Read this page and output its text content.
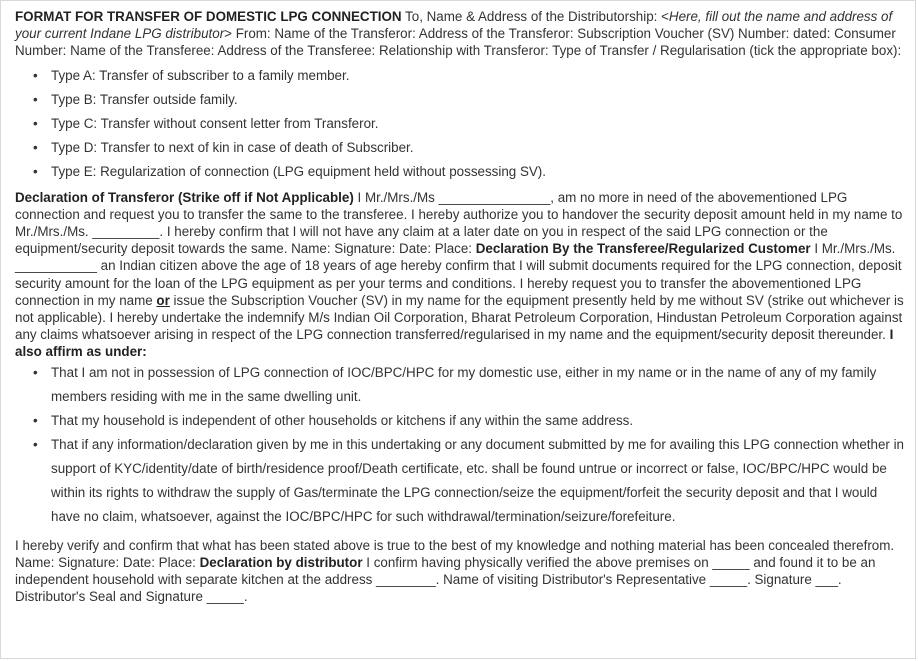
FORMAT FOR TRANSFER OF DOMESTIC LPG CONNECTION To, Name & Address of the Distributorship: <Here, fill out the name and address of your current Indane LPG distributor> From: Name of the Transferor: Address of the Transferor: Subscription Voucher (SV) Number: dated: Consumer Number: Name of the Transferee: Address of the Transferee: Relationship with Transferor: Type of Transfer / Regularisation (tick the appropriate box):

• Type A: Transfer of subscriber to a family member.
• Type B: Transfer outside family.
• Type C: Transfer without consent letter from Transferor.
• Type D: Transfer to next of kin in case of death of Subscriber.
• Type E: Regularization of connection (LPG equipment held without possessing SV).

Declaration of Transferor (Strike off if Not Applicable) I Mr./Mrs./Ms _______________, am no more in need of the abovementioned LPG connection and request you to transfer the same to the transferee. I hereby authorize you to handover the security deposit amount held in my name to Mr./Mrs./Ms. _________. I hereby confirm that I will not have any claim at a later date on you in respect of the said LPG connection or the equipment/security deposit towards the same. Name: Signature: Date: Place: Declaration By the Transferee/Regularized Customer I Mr./Mrs./Ms. ___________ an Indian citizen above the age of 18 years of age hereby confirm that I will submit documents required for the LPG connection, deposit security amount for the loan of the LPG equipment as per your terms and conditions. I hereby request you to transfer the abovementioned LPG connection in my name or issue the Subscription Voucher (SV) in my name for the equipment presently held by me without SV (strike out whichever is not applicable). I hereby undertake the indemnify M/s Indian Oil Corporation, Bharat Petroleum Corporation, Hindustan Petroleum Corporation against any claims whatsoever arising in respect of the LPG connection transferred/regularised in my name and the equipment/security deposit thereunder. I also affirm as under:

• That I am not in possession of LPG connection of IOC/BPC/HPC for my domestic use, either in my name or in the name of any of my family members residing with me in the same dwelling unit.
• That my household is independent of other households or kitchens if any within the same address.
• That if any information/declaration given by me in this undertaking or any document submitted by me for availing this LPG connection whether in support of KYC/identity/date of birth/residence proof/Death certificate, etc. shall be found untrue or incorrect or false, IOC/BPC/HPC would be within its rights to withdraw the supply of Gas/terminate the LPG connection/seize the equipment/forfeit the security deposit and that I would have no claim, whatsoever, against the IOC/BPC/HPC for such withdrawal/termination/seizure/forefeiture.

I hereby verify and confirm that what has been stated above is true to the best of my knowledge and nothing material has been concealed therefrom. Name: Signature: Date: Place: Declaration by distributor I confirm having physically verified the above premises on _____ and found it to be an independent household with separate kitchen at the address ________. Name of visiting Distributor's Representative _____. Signature ___. Distributor's Seal and Signature _____.
